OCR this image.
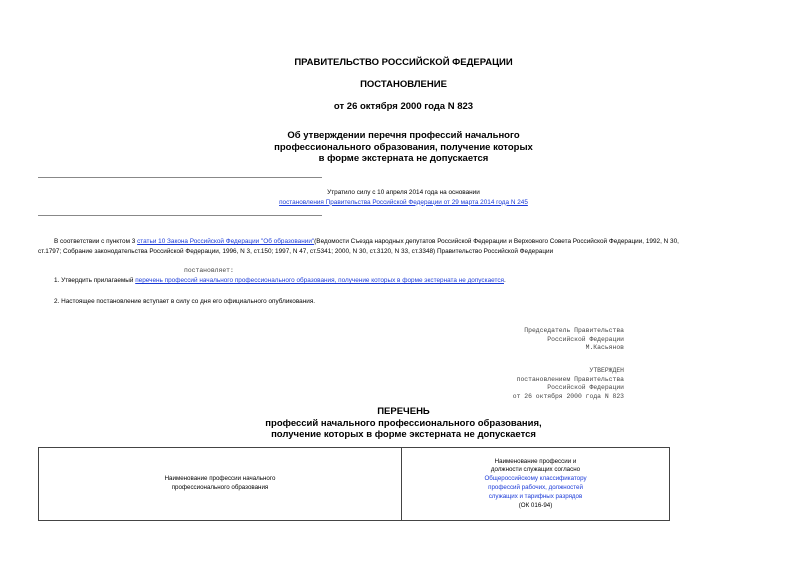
ПРАВИТЕЛЬСТВО РОССИЙСКОЙ ФЕДЕРАЦИИ
ПОСТАНОВЛЕНИЕ
от 26 октября 2000 года N 823
Об утверждении перечня профессий начального
профессионального образования, получение которых
в форме экстерната не допускается
Утратило силу с 10 апреля 2014 года на основании
постановления Правительства Российской Федерации от 29 марта 2014 года N 245
В соответствии с пунктом 3 статьи 10 Закона Российской Федерации "Об образовании"(Ведомости Съезда народных депутатов Российской Федерации и Верховного Совета Российской Федерации, 1992, N 30,
ст.1797; Собрание законодательства Российской Федерации, 1996, N 3, ст.150; 1997, N 47, ст.5341; 2000, N 30, ст.3120, N 33, ст.3348) Правительство Российской Федерации
постановляет:
1. Утвердить прилагаемый перечень профессий начального профессионального образования, получение которых в форме экстерната не допускается.
2. Настоящее постановление вступает в силу со дня его официального опубликования.
Председатель Правительства
Российской Федерации
М.Касьянов
УТВЕРЖДЕН
постановлением Правительства
Российской Федерации
от 26 октября 2000 года N 823
ПЕРЕЧЕНЬ
профессий начального профессионального образования,
получение которых в форме экстерната не допускается
Наименование профессии начального
профессионального образования

Наименование профессии и
должности служащих согласно
Общероссийскому классификатору
профессий рабочих, должностей
служащих и тарифных разрядов
(ОК 016-94)
